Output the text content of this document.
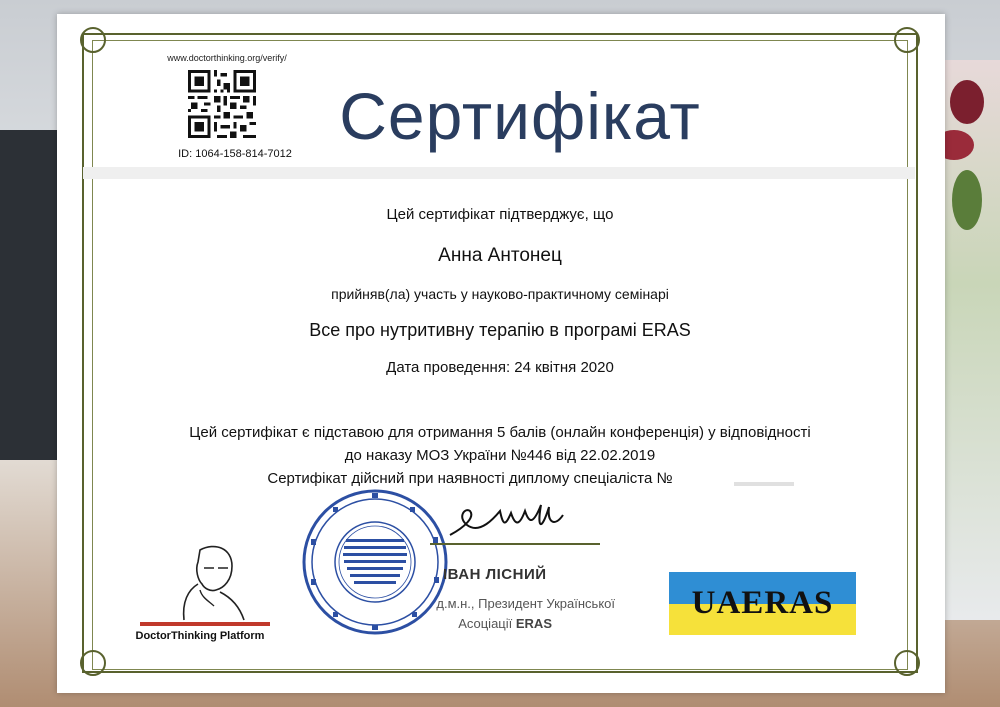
www.doctorthinking.org/verify/
ID: 1064-158-814-7012
Сертифікат
Цей сертифікат підтверджує, що
Анна Антонец
прийняв(ла) участь у науково-практичному семінарі
Все про нутритивну терапію в програмі ERAS
Дата проведення: 24 квітня 2020
Цей сертифікат є підставою для отримання 5 балів (онлайн конференція) у відповідності
до наказу МОЗ України №446 від 22.02.2019
Сертифікат дійсний при наявності диплому спеціаліста №
ІВАН ЛІСНИЙ
д.м.н., Президент Української
Асоціації ERAS
DoctorThinking Platform
UAERAS
